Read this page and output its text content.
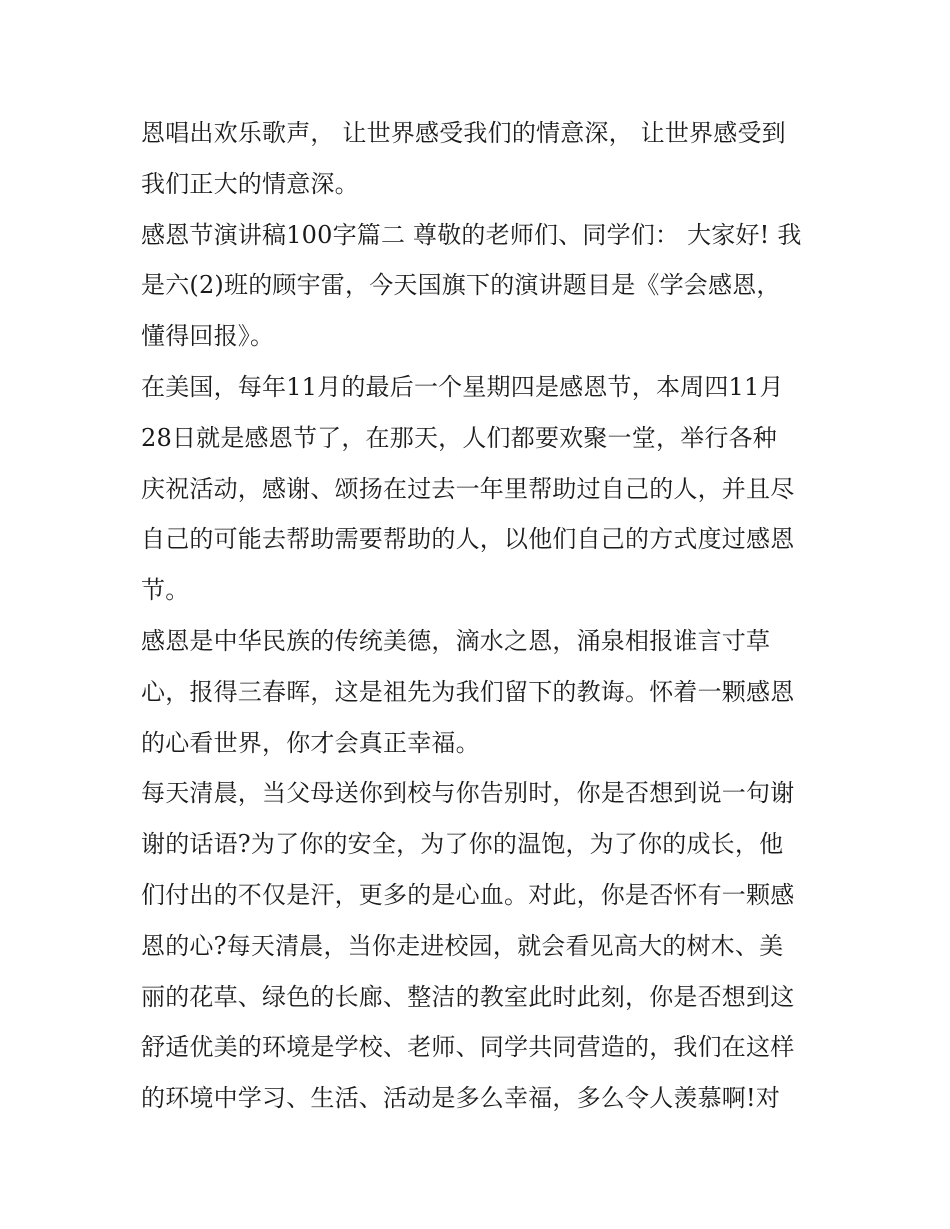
恩唱出欢乐歌声， 让世界感受我们的情意深， 让世界感受到
我们正大的情意深。
感恩节演讲稿100字篇二 尊敬的老师们、同学们： 大家好! 我
是六(2)班的顾宇雷，今天国旗下的演讲题目是《学会感恩，
懂得回报》。
在美国，每年11月的最后一个星期四是感恩节，本周四11月
28日就是感恩节了，在那天，人们都要欢聚一堂，举行各种
庆祝活动，感谢、颂扬在过去一年里帮助过自己的人，并且尽
自己的可能去帮助需要帮助的人，以他们自己的方式度过感恩
节。
感恩是中华民族的传统美德，滴水之恩，涌泉相报谁言寸草
心，报得三春晖，这是祖先为我们留下的教诲。怀着一颗感恩
的心看世界，你才会真正幸福。
每天清晨，当父母送你到校与你告别时，你是否想到说一句谢
谢的话语?为了你的安全，为了你的温饱，为了你的成长，他
们付出的不仅是汗，更多的是心血。对此，你是否怀有一颗感
恩的心?每天清晨，当你走进校园，就会看见高大的树木、美
丽的花草、绿色的长廊、整洁的教室此时此刻，你是否想到这
舒适优美的环境是学校、老师、同学共同营造的，我们在这样
的环境中学习、生活、活动是多么幸福，多么令人羡慕啊!对
